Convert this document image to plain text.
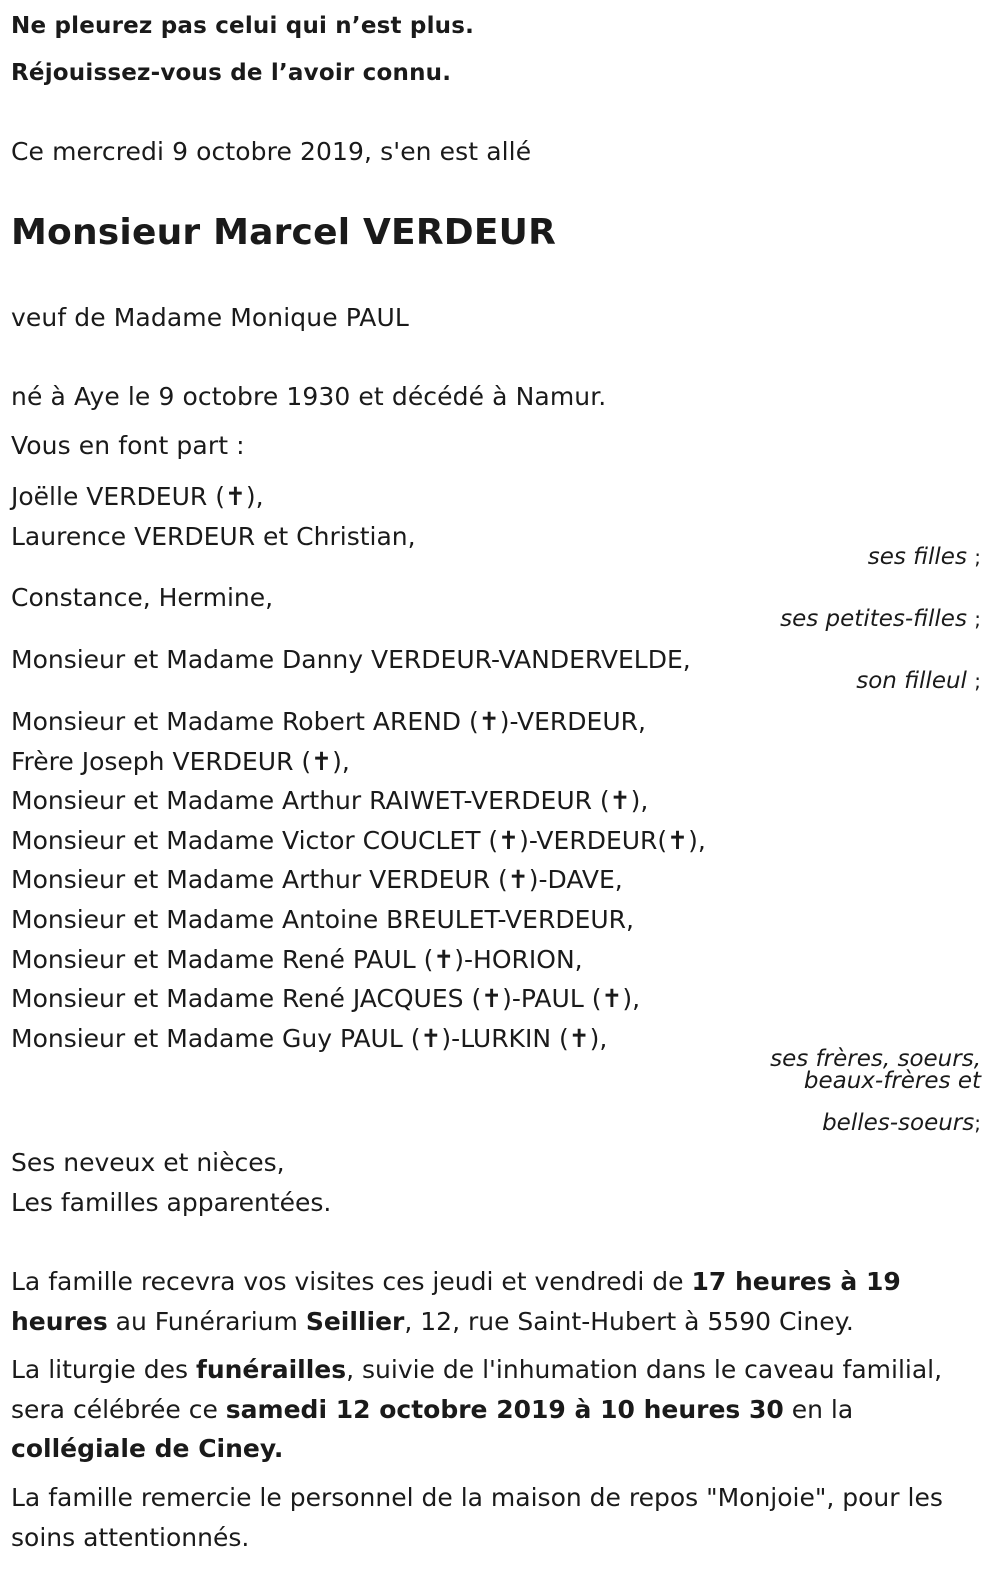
Ne pleurez pas celui qui n’est plus.

Réjouissez-vous de l’avoir connu.

Ce mercredi 9 octobre 2019, s'en est allé

Monsieur Marcel VERDEUR

veuf de Madame Monique PAUL

né à Aye le 9 octobre 1930 et décédé à Namur.

Vous en font part :

Joëlle VERDEUR (✝),
Laurence VERDEUR et Christian,
ses filles ;
Constance, Hermine,
ses petites-filles ;
Monsieur et Madame Danny VERDEUR-VANDERVELDE,
son filleul ;
Monsieur et Madame Robert AREND (✝)-VERDEUR,
Frère Joseph VERDEUR (✝),
Monsieur et Madame Arthur RAIWET-VERDEUR (✝),
Monsieur et Madame Victor COUCLET (✝)-VERDEUR(✝),
Monsieur et Madame Arthur VERDEUR (✝)-DAVE,
Monsieur et Madame Antoine BREULET-VERDEUR,
Monsieur et Madame René PAUL (✝)-HORION,
Monsieur et Madame René JACQUES (✝)-PAUL (✝),
Monsieur et Madame Guy PAUL (✝)-LURKIN (✝),
ses frères, soeurs,
beaux-frères et
belles-soeurs;
Ses neveux et nièces,
Les familles apparentées.

La famille recevra vos visites ces jeudi et vendredi de 17 heures à 19 heures au Funérarium Seillier, 12, rue Saint-Hubert à 5590 Ciney.

La liturgie des funérailles, suivie de l'inhumation dans le caveau familial, sera célébrée ce samedi 12 octobre 2019 à 10 heures 30 en la collégiale de Ciney.

La famille remercie le personnel de la maison de repos "Monjoie", pour les soins attentionnés.
